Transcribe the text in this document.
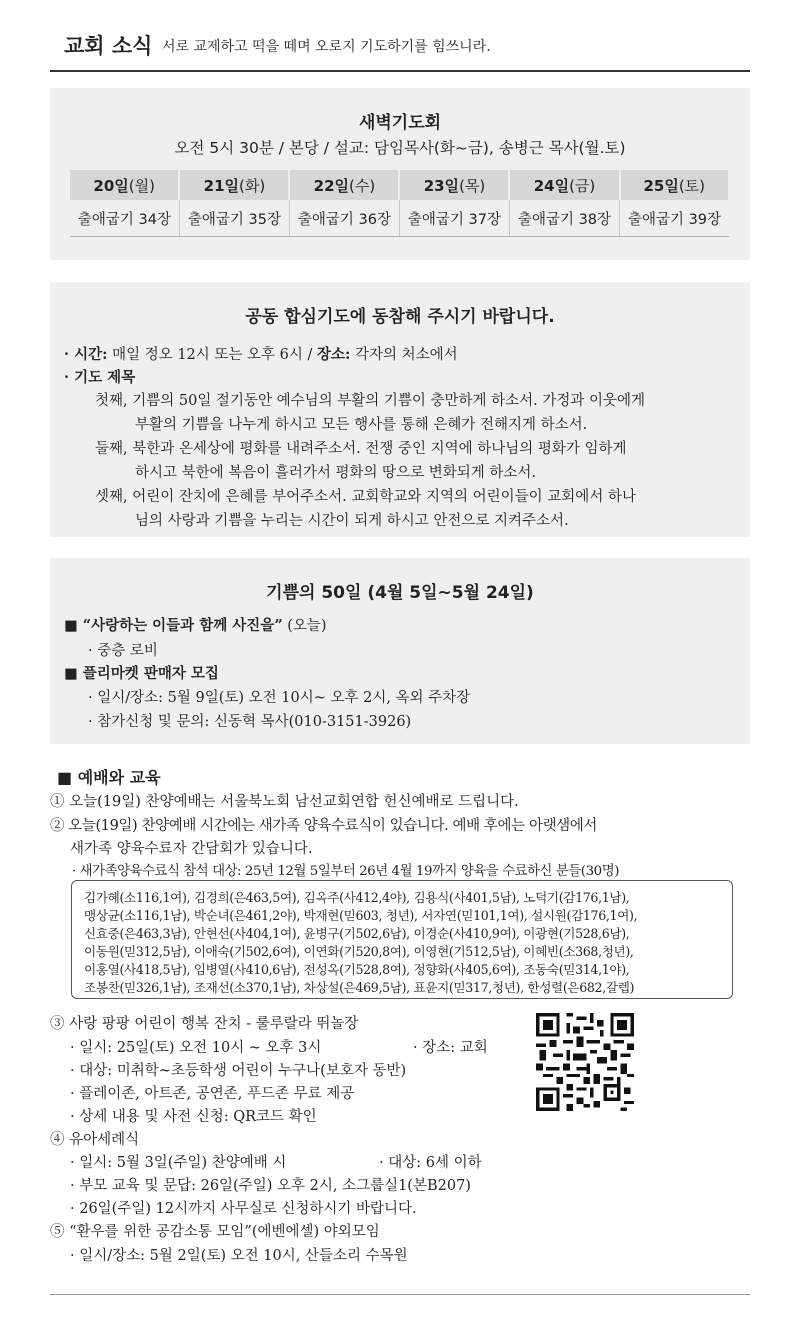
교회 소식 서로 교제하고 떡을 떼며 오로지 기도하기를 힘쓰니라.
새벽기도회
오전 5시 30분 / 본당 / 설교: 담임목사(화~금), 송병근 목사(월.토)
20일(월)	21일(화)	22일(수)	23일(목)	24일(금)	25일(토)
출애굽기 34장	출애굽기 35장	출애굽기 36장	출애굽기 37장	출애굽기 38장	출애굽기 39장
공동 합심기도에 동참해 주시기 바랍니다.
· 시간: 매일 정오 12시 또는 오후 6시 / 장소: 각자의 처소에서
· 기도 제목
첫째, 기쁨의 50일 절기동안 예수님의 부활의 기쁨이 충만하게 하소서. 가정과 이웃에게
부활의 기쁨을 나누게 하시고 모든 행사를 통해 은혜가 전해지게 하소서.
둘째, 북한과 온세상에 평화를 내려주소서. 전쟁 중인 지역에 하나님의 평화가 임하게
하시고 북한에 복음이 흘러가서 평화의 땅으로 변화되게 하소서.
셋째, 어린이 잔치에 은혜를 부어주소서. 교회학교와 지역의 어린이들이 교회에서 하나
님의 사랑과 기쁨을 누리는 시간이 되게 하시고 안전으로 지켜주소서.
기쁨의 50일 (4월 5일~5월 24일)
■ “사랑하는 이들과 함께 사진을” (오늘)
· 중층 로비
■ 플리마켓 판매자 모집
· 일시/장소: 5월 9일(토) 오전 10시~ 오후 2시, 옥외 주차장
· 참가신청 및 문의: 신동혁 목사(010-3151-3926)
■ 예배와 교육
① 오늘(19일) 찬양예배는 서울북노회 남선교회연합 헌신예배로 드립니다.
② 오늘(19일) 찬양예배 시간에는 새가족 양육수료식이 있습니다. 예배 후에는 아랫샘에서
새가족 양육수료자 간담회가 있습니다.
· 새가족양육수료식 참석 대상: 25년 12월 5일부터 26년 4월 19까지 양육을 수료하신 분들(30명)
김가혜(소116,1여), 김경희(은463,5여), 김옥주(사412,4야), 김용식(사401,5남), 노덕기(감176,1남),
맹상균(소116,1남), 박순녀(은461,2야), 박재현(믿603, 청년), 서자연(믿101,1여), 설시원(감176,1여),
신효중(은463,3남), 안현선(사404,1여), 윤병구(기502,6남), 이경순(사410,9여), 이광현(기528,6남),
이동원(믿312,5남), 이애숙(기502,6여), 이연화(기520,8여), 이영현(기512,5남), 이혜빈(소368,청년),
이홍열(사418,5남), 임병열(사410,6남), 전성옥(기528,8여), 정향화(사405,6여), 조동숙(믿314,1야),
조봉찬(믿326,1남), 조재선(소370,1남), 차상설(은469,5남), 표윤지(믿317,청년), 한성렬(은682,갈렙)
③ 사랑 팡팡 어린이 행복 잔치 - 룰루랄라 뛰놀장
· 일시: 25일(토) 오전 10시 ~ 오후 3시	· 장소: 교회
· 대상: 미취학~초등학생 어린이 누구나(보호자 동반)
· 플레이존, 아트존, 공연존, 푸드존 무료 제공
· 상세 내용 및 사전 신청: QR코드 확인
④ 유아세례식
· 일시: 5월 3일(주일) 찬양예배 시	· 대상: 6세 이하
· 부모 교육 및 문답: 26일(주일) 오후 2시, 소그룹실1(본B207)
· 26일(주일) 12시까지 사무실로 신청하시기 바랍니다.
⑤ “환우를 위한 공감소통 모임”(에벤에셀) 야외모임
· 일시/장소: 5월 2일(토) 오전 10시, 산들소리 수목원
